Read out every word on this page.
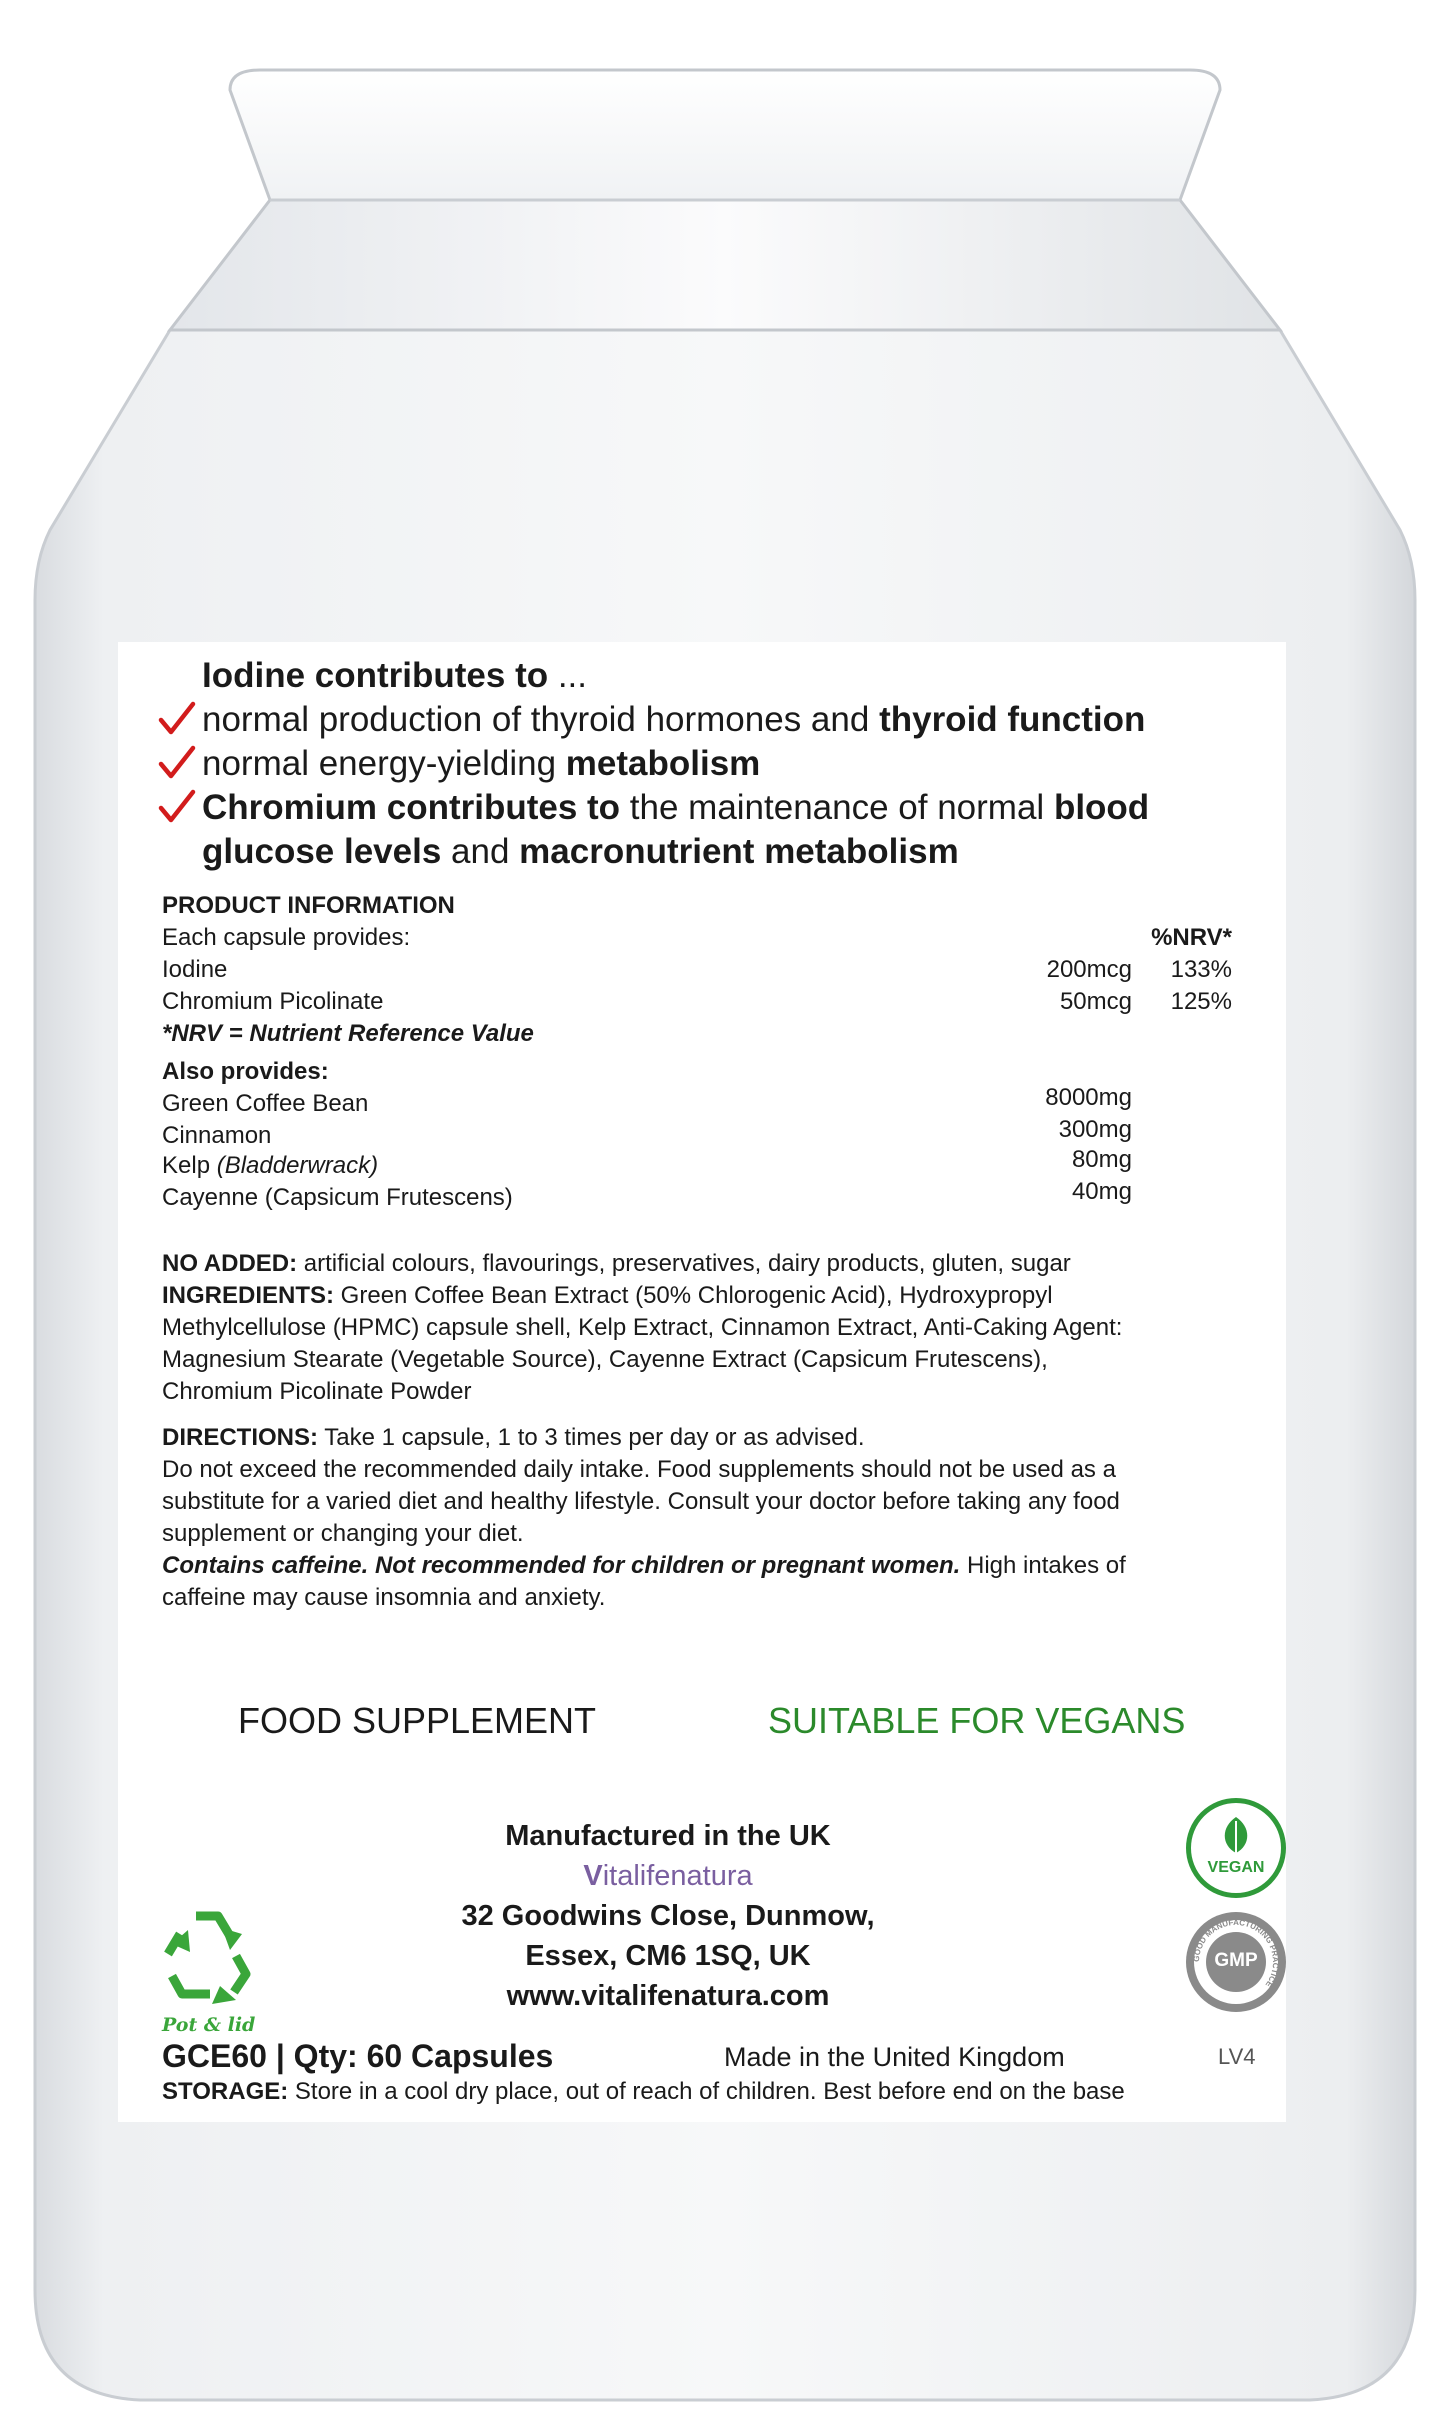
Iodine contributes to ...
normal production of thyroid hormones and thyroid function
normal energy-yielding metabolism
Chromium contributes to the maintenance of normal blood
glucose levels and macronutrient metabolism
PRODUCT INFORMATION
Each capsule provides:	%NRV*
Iodine	200mcg	133%
Chromium Picolinate	50mcg	125%
*NRV = Nutrient Reference Value
Also provides:
Green Coffee Bean	8000mg
Cinnamon	300mg
Kelp (Bladderwrack)	80mg
Cayenne (Capsicum Frutescens)	40mg

NO ADDED: artificial colours, flavourings, preservatives, dairy products, gluten, sugar

INGREDIENTS: Green Coffee Bean Extract (50% Chlorogenic Acid), Hydroxypropyl

Methylcellulose (HPMC) capsule shell, Kelp Extract, Cinnamon Extract, Anti-Caking Agent:

Magnesium Stearate (Vegetable Source), Cayenne Extract (Capsicum Frutescens),

Chromium Picolinate Powder

DIRECTIONS: Take 1 capsule, 1 to 3 times per day or as advised.

Do not exceed the recommended daily intake. Food supplements should not be used as a

substitute for a varied diet and healthy lifestyle. Consult your doctor before taking any food

supplement or changing your diet.

Contains caffeine. Not recommended for children or pregnant women. High intakes of

caffeine may cause insomnia and anxiety.

FOOD SUPPLEMENT	SUITABLE FOR VEGANS
Manufactured in the UK
Vitalifenatura
32 Goodwins Close, Dunmow,
Essex, CM6 1SQ, UK
www.vitalifenatura.com
Pot & lid
VEGAN
GMP
GOOD MANUFACTURING PRACTICE
GCE60 | Qty: 60 Capsules	Made in the United Kingdom	LV4
STORAGE: Store in a cool dry place, out of reach of children. Best before end on the base
